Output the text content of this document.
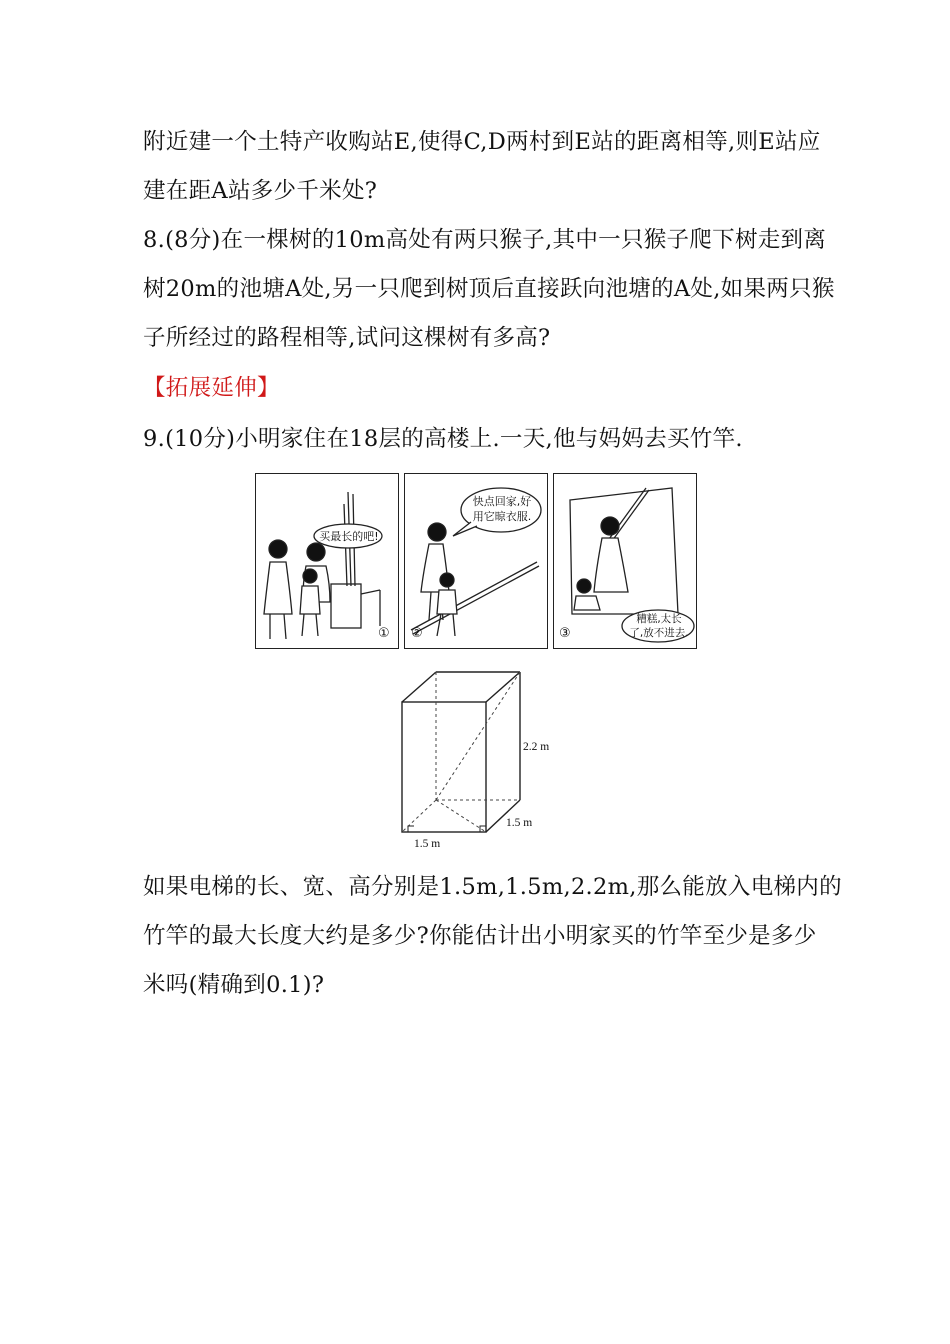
附近建一个土特产收购站E,使得C,D两村到E站的距离相等,则E站应
建在距A站多少千米处?
8.(8分)在一棵树的10m高处有两只猴子,其中一只猴子爬下树走到离
树20m的池塘A处,另一只爬到树顶后直接跃向池塘的A处,如果两只猴
子所经过的路程相等,试问这棵树有多高?
【拓展延伸】
9.(10分)小明家住在18层的高楼上.一天,他与妈妈去买竹竿.
买最长的吧!
①
快点回家,好
用它晾衣服.
②
糟糕,太长
了,放不进去.
③
2.2 m
1.5 m
1.5 m
如果电梯的长、宽、高分别是1.5m,1.5m,2.2m,那么能放入电梯内的
竹竿的最大长度大约是多少?你能估计出小明家买的竹竿至少是多少
米吗(精确到0.1)?
